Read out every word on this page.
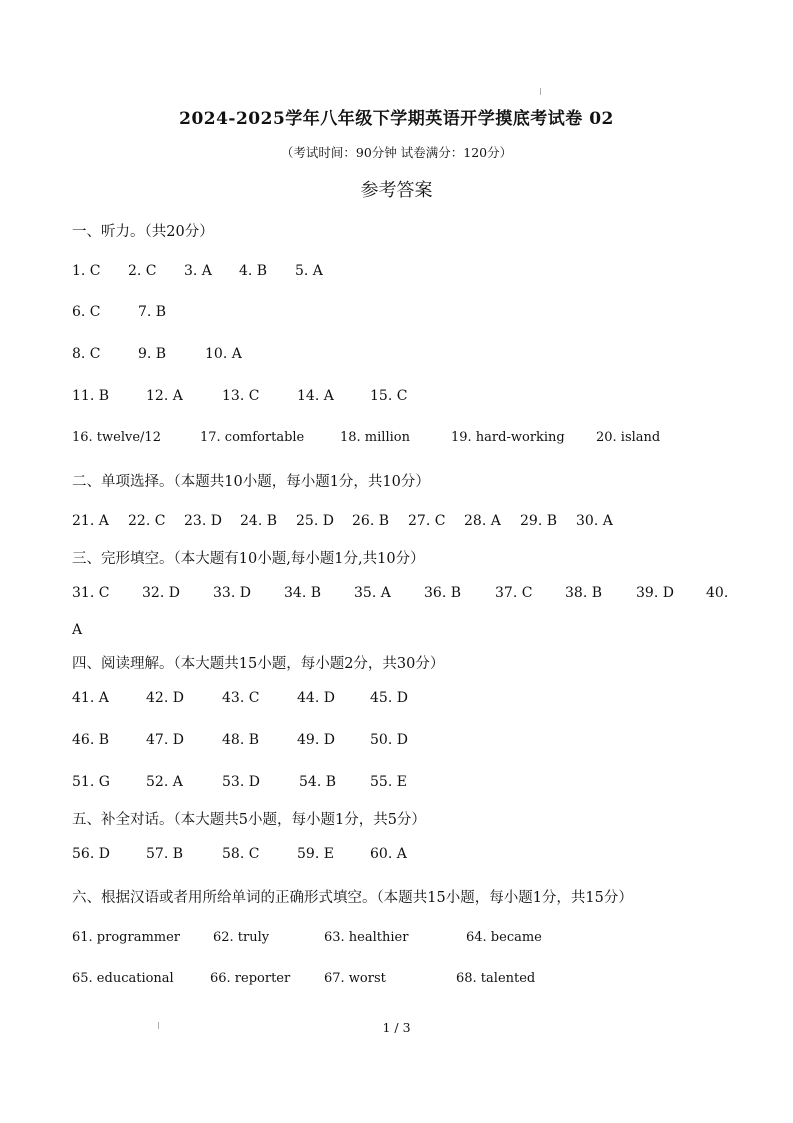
2024-2025学年八年级下学期英语开学摸底考试卷 02
（考试时间：90分钟 试卷满分：120分）
参考答案
一、听力。（共20分）
1. C 2. C 3. A 4. B 5. A
6. C	7. B
8. C	9. B	10. A
11. B	12. A	13. C	14. A	15. C
16. twelve/12	17. comfortable	18. million	19. hard-working 20. island
二、单项选择。（本题共10小题，每小题1分，共10分）
21. A 22. C 23. D 24. B 25. D 26. B 27. C 28. A 29. B 30. A
三、完形填空。（本大题有10小题,每小题1分,共10分）
31. C 32. D 33. D 34. B 35. A 36. B 37. C 38. B 39. D 40.
A
四、阅读理解。（本大题共15小题，每小题2分，共30分）
41. A	42. D	43. C	44. D	45. D
46. B	47. D	48. B	49. D	50. D
51. G	52. A	53. D	54. B 55. E
五、补全对话。（本大题共5小题，每小题1分，共5分）
56. D	57. B	58. C	59. E	60. A
六、根据汉语或者用所给单词的正确形式填空。（本题共15小题，每小题1分，共15分）
61. programmer	62. truly	63. healthier	64. became
65. educational	66. reporter	67. worst	68. talented
1 / 3
